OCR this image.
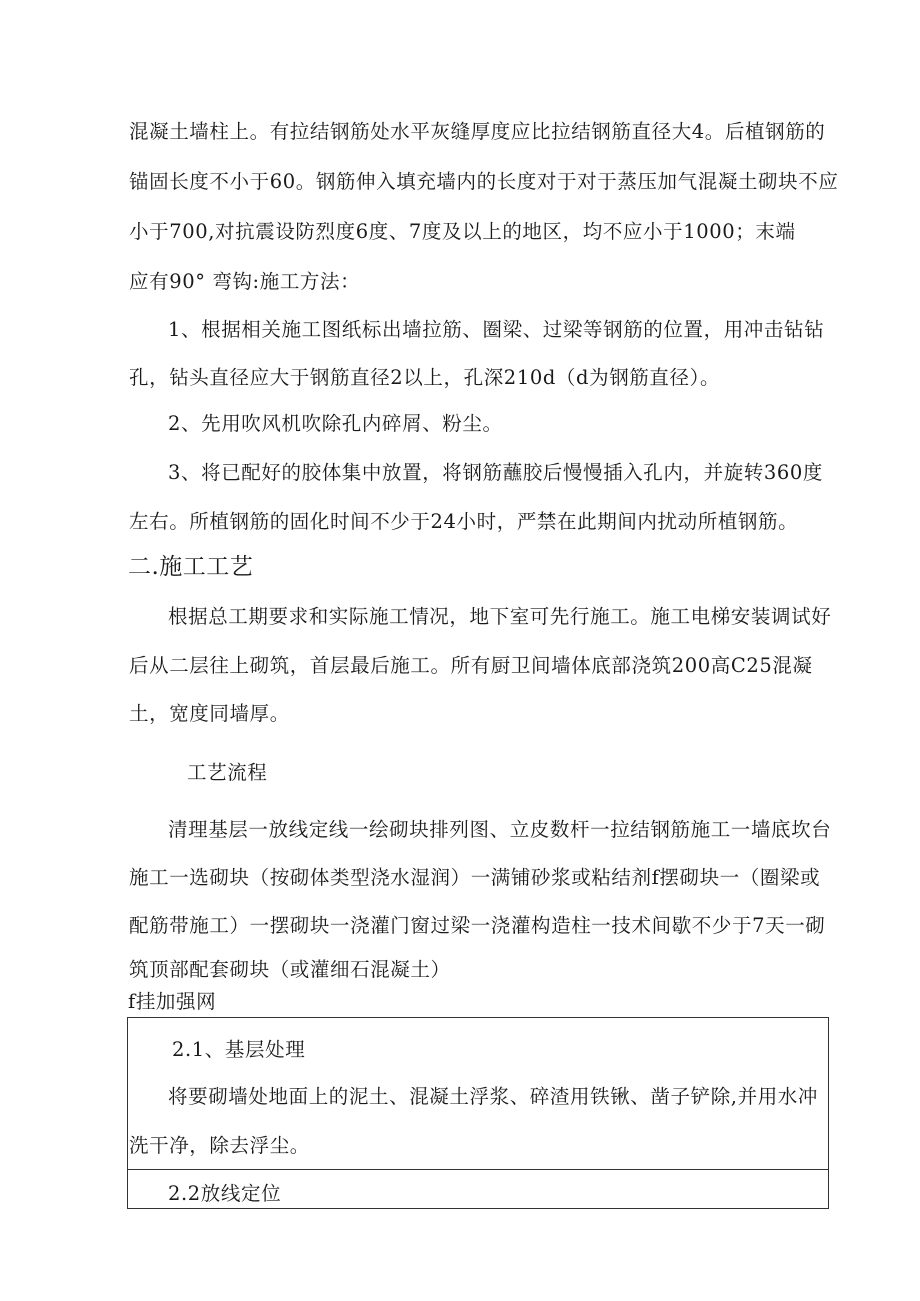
混凝土墙柱上。有拉结钢筋处水平灰缝厚度应比拉结钢筋直径大4。后植钢筋的
锚固长度不小于60。钢筋伸入填充墙内的长度对于对于蒸压加气混凝土砌块不应
小于700,对抗震设防烈度6度、7度及以上的地区，均不应小于1000；末端
应有90° 弯钩:施工方法：
1、根据相关施工图纸标出墙拉筋、圈梁、过梁等钢筋的位置，用冲击钻钻
孔，钻头直径应大于钢筋直径2以上，孔深210d（d为钢筋直径）。
2、先用吹风机吹除孔内碎屑、粉尘。
3、将已配好的胶体集中放置，将钢筋蘸胶后慢慢插入孔内，并旋转360度
左右。所植钢筋的固化时间不少于24小时，严禁在此期间内扰动所植钢筋。
二.施工工艺
根据总工期要求和实际施工情况，地下室可先行施工。施工电梯安装调试好
后从二层往上砌筑，首层最后施工。所有厨卫间墙体底部浇筑200高C25混凝
土，宽度同墙厚。
工艺流程
清理基层一放线定线一绘砌块排列图、立皮数杆一拉结钢筋施工一墙底坎台
施工一选砌块（按砌体类型浇水湿润）一满铺砂浆或粘结剂f摆砌块一（圈梁或
配筋带施工）一摆砌块一浇灌门窗过梁一浇灌构造柱一技术间歇不少于7天一砌
筑顶部配套砌块（或灌细石混凝土）
f挂加强网
2.1、基层处理
将要砌墙处地面上的泥土、混凝土浮浆、碎渣用铁锹、凿子铲除,并用水冲
洗干净，除去浮尘。
2.2放线定位
